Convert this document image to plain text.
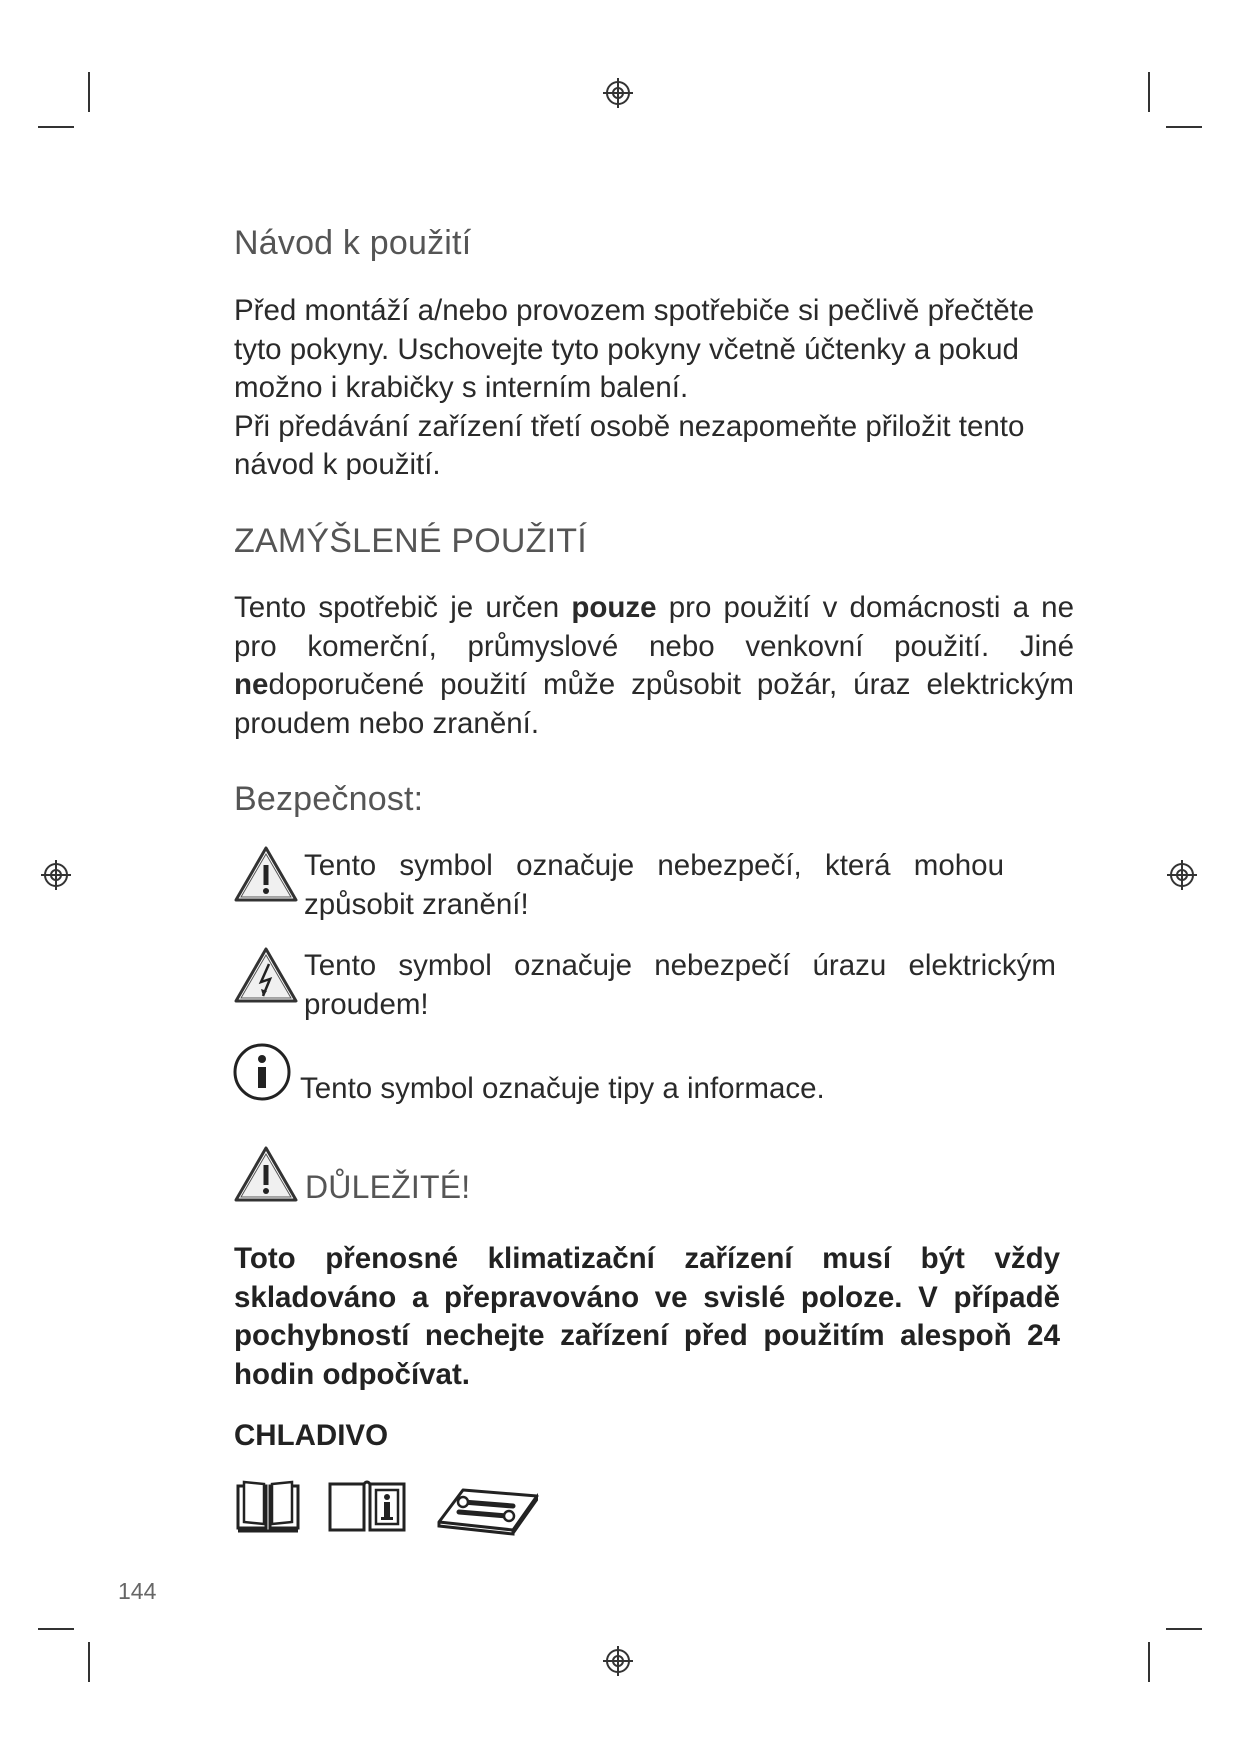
Návod k použití
Před montáží a/nebo provozem spotřebiče si pečlivě přečtěte tyto pokyny. Uschovejte tyto pokyny včetně účtenky a pokud možno i krabičky s interním balení.
Při předávání zařízení třetí osobě nezapomeňte přiložit tento návod k použití.
ZAMÝŠLENÉ POUŽITÍ
Tento spotřebič je určen pouze pro použití v domácnosti a ne pro komerční, průmyslové nebo venkovní použití. Jiné nedoporučené použití může způsobit požár, úraz elektrickým proudem nebo zranění.
Bezpečnost:
Tento symbol označuje nebezpečí, která mohou způsobit zranění!
Tento symbol označuje nebezpečí úrazu elektrickým proudem!
Tento symbol označuje tipy a informace.
DŮLEŽITÉ!
Toto přenosné klimatizační zařízení musí být vždy skladováno a přepravováno ve svislé poloze. V případě pochybností nechejte zařízení před použitím alespoň 24 hodin odpočívat.
CHLADIVO
144
